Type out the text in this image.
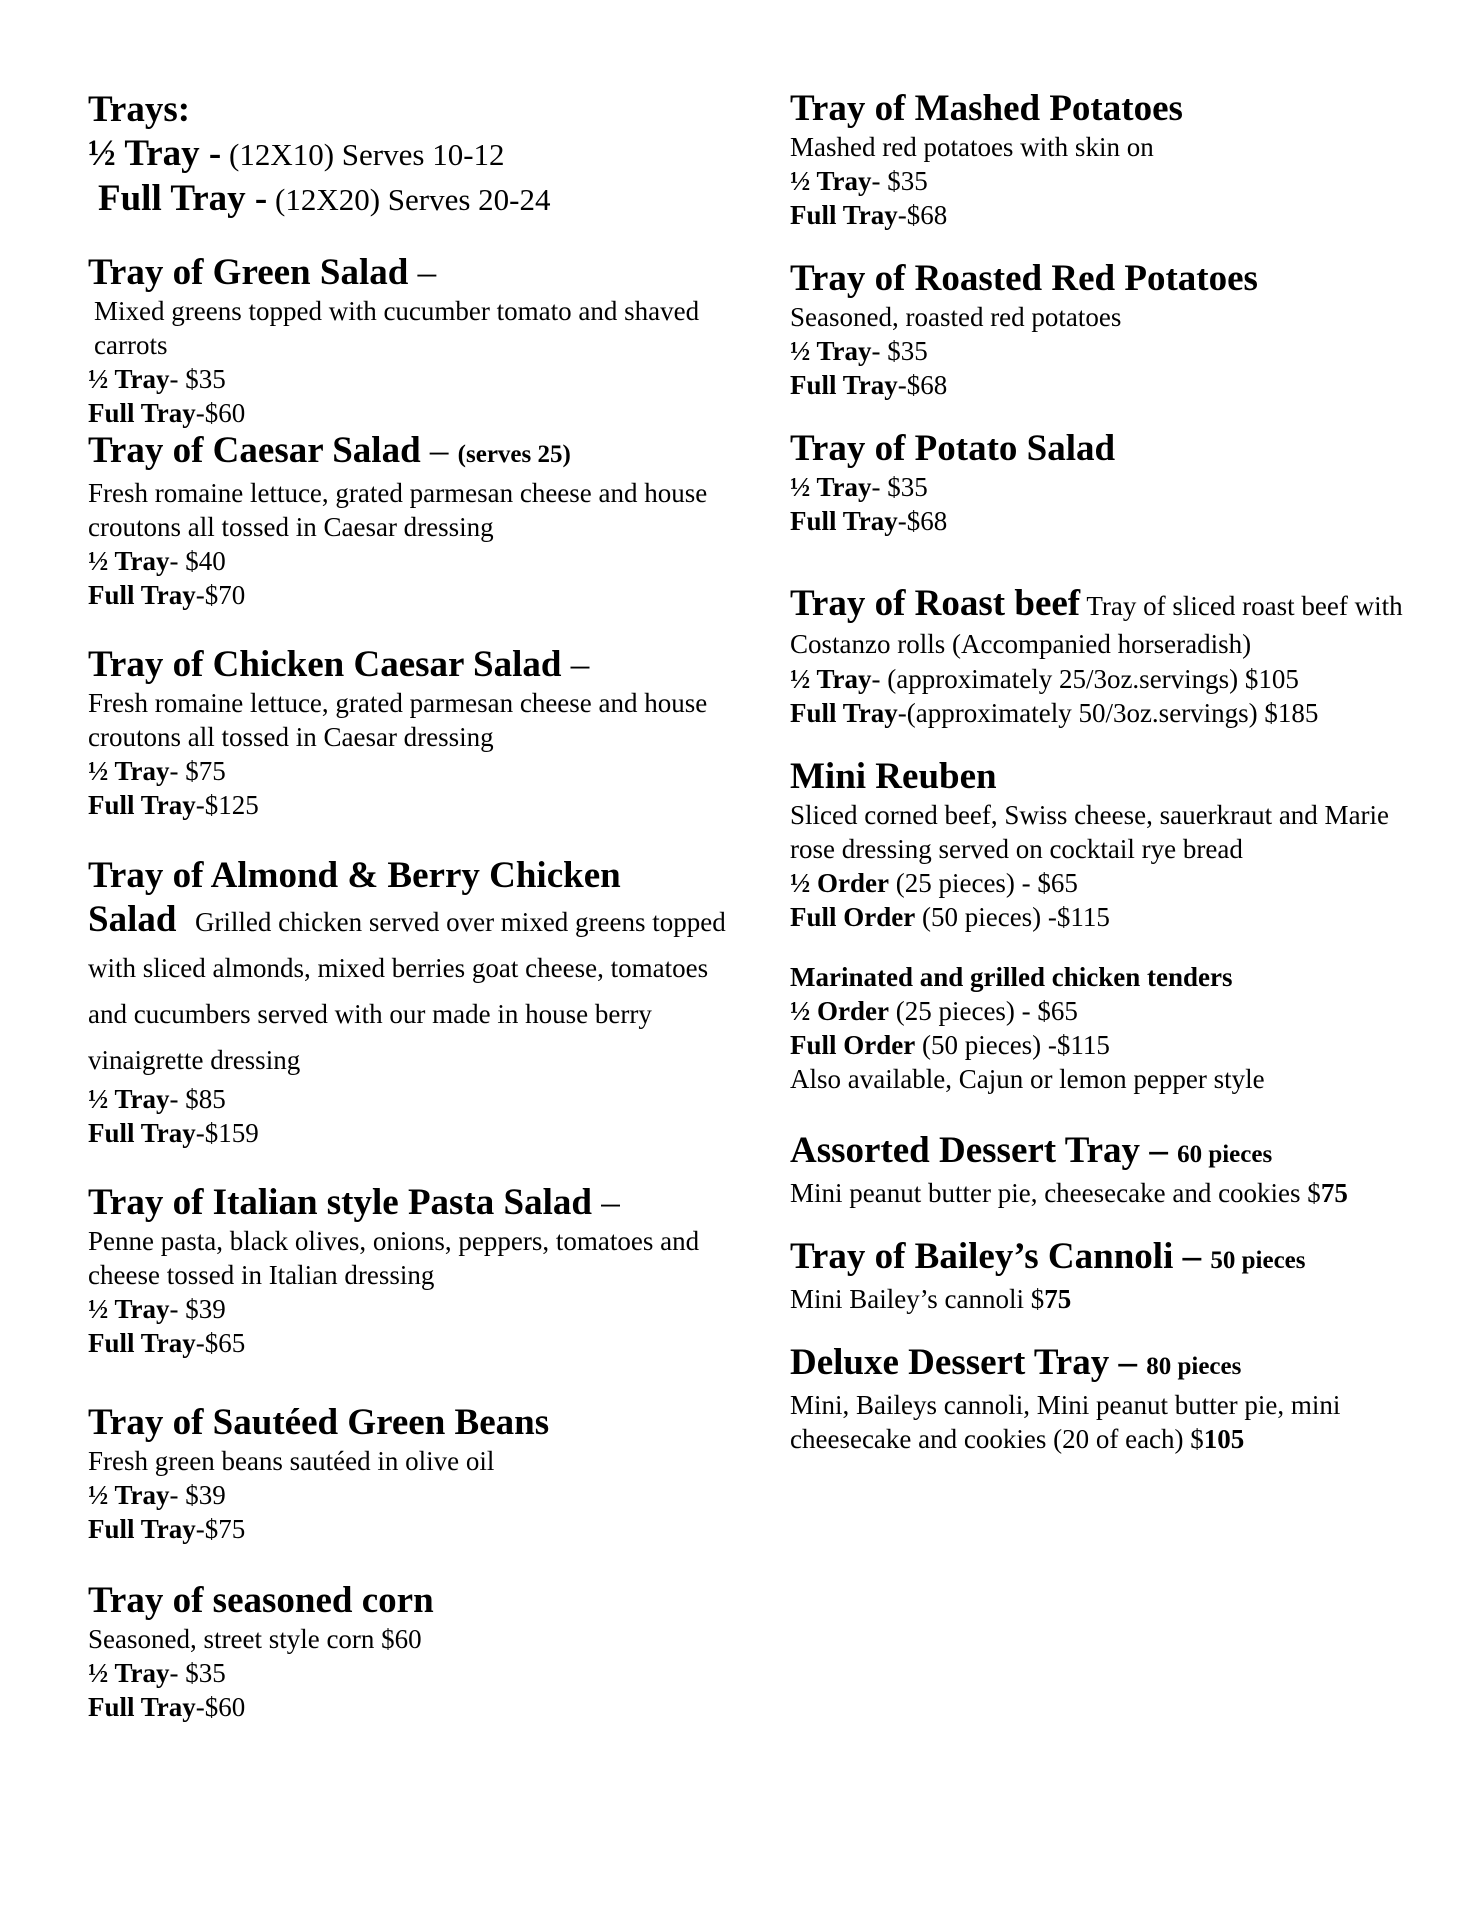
Trays:

½ Tray - (12X10) Serves 10-12

Full Tray - (12X20) Serves 20-24

Tray of Green Salad –

Mixed greens topped with cucumber tomato and shaved carrots

½ Tray- $35

Full Tray-$60

Tray of Caesar Salad – (serves 25)

Fresh romaine lettuce, grated parmesan cheese and house croutons all tossed in Caesar dressing

½ Tray- $40

Full Tray-$70

Tray of Chicken Caesar Salad –

Fresh romaine lettuce, grated parmesan cheese and house croutons all tossed in Caesar dressing

½ Tray- $75

Full Tray-$125

Tray of Almond & Berry Chicken Salad Grilled chicken served over mixed greens topped with sliced almonds, mixed berries goat cheese, tomatoes and cucumbers served with our made in house berry vinaigrette dressing

½ Tray- $85

Full Tray-$159

Tray of Italian style Pasta Salad –

Penne pasta, black olives, onions, peppers, tomatoes and cheese tossed in Italian dressing

½ Tray- $39

Full Tray-$65

Tray of Sautéed Green Beans

Fresh green beans sautéed in olive oil

½ Tray- $39

Full Tray-$75

Tray of seasoned corn

Seasoned, street style corn $60

½ Tray- $35

Full Tray-$60

Tray of Mashed Potatoes

Mashed red potatoes with skin on

½ Tray- $35

Full Tray-$68

Tray of Roasted Red Potatoes

Seasoned, roasted red potatoes

½ Tray- $35

Full Tray-$68

Tray of Potato Salad

½ Tray- $35

Full Tray-$68

Tray of Roast beef Tray of sliced roast beef with Costanzo rolls (Accompanied horseradish)

½ Tray- (approximately 25/3oz.servings) $105

Full Tray-(approximately 50/3oz.servings) $185

Mini Reuben

Sliced corned beef, Swiss cheese, sauerkraut and Marie rose dressing served on cocktail rye bread

½ Order (25 pieces) - $65

Full Order (50 pieces) -$115

Marinated and grilled chicken tenders

½ Order (25 pieces) - $65

Full Order (50 pieces) -$115

Also available, Cajun or lemon pepper style

Assorted Dessert Tray – 60 pieces

Mini peanut butter pie, cheesecake and cookies $75

Tray of Bailey’s Cannoli – 50 pieces

Mini Bailey’s cannoli $75

Deluxe Dessert Tray – 80 pieces

Mini, Baileys cannoli, Mini peanut butter pie, mini cheesecake and cookies (20 of each) $105
